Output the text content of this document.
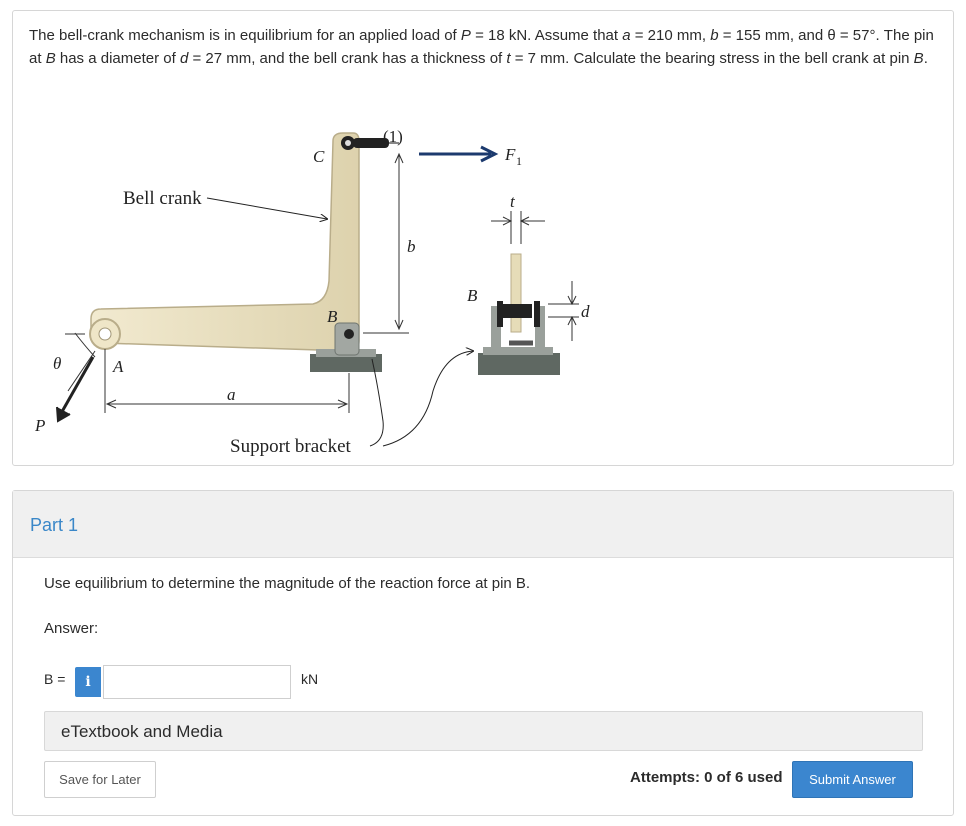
The bell-crank mechanism is in equilibrium for an applied load of P = 18 kN. Assume that a = 210 mm, b = 155 mm, and θ = 57°. The pin at B has a diameter of d = 27 mm, and the bell crank has a thickness of t = 7 mm. Calculate the bearing stress in the bell crank at pin B.
Bell crank
C
(1)
F 1
t
b
B
B
d
θ	A
a
P
Support bracket
Part 1
Use equilibrium to determine the magnitude of the reaction force at pin B.
Answer:
B =	i	kN
eTextbook and Media
Save for Later	Attempts: 0 of 6 used	Submit Answer
